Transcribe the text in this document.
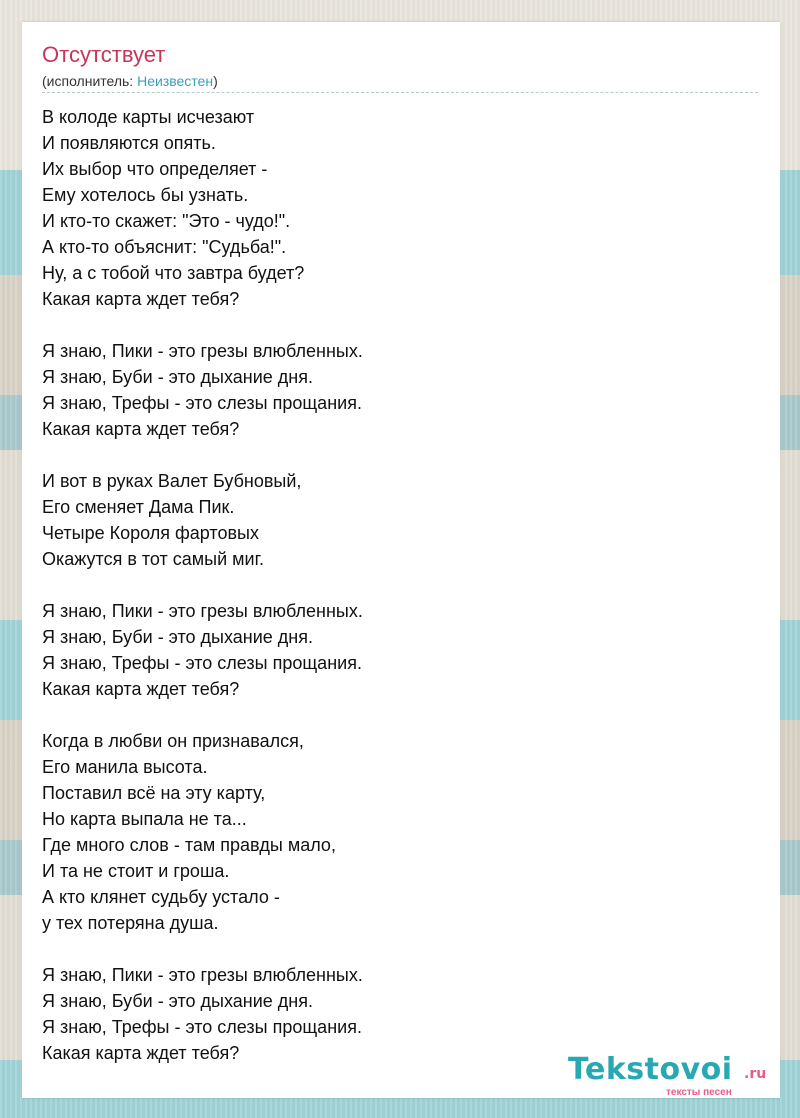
Отсутствует
(исполнитель: Неизвестен)
В колоде карты исчезают
И появляются опять.
Их выбор что определяет -
Ему хотелось бы узнать.
И кто-то скажет: "Это - чудо!".
А кто-то объяснит: "Судьба!".
Ну, а с тобой что завтра будет?
Какая карта ждет тебя?
Я знаю, Пики - это грезы влюбленных.
Я знаю, Буби - это дыхание дня.
Я знаю, Трефы - это слезы прощания.
Какая карта ждет тебя?
И вот в руках Валет Бубновый,
Его сменяет Дама Пик.
Четыре Короля фартовых
Окажутся в тот самый миг.
Я знаю, Пики - это грезы влюбленных.
Я знаю, Буби - это дыхание дня.
Я знаю, Трефы - это слезы прощания.
Какая карта ждет тебя?
Когда в любви он признавался,
Его манила высота.
Поставил всё на эту карту,
Но карта выпала не та...
Где много слов - там правды мало,
И та не стоит и гроша.
А кто клянет судьбу устало -
у тех потеряна душа.
Я знаю, Пики - это грезы влюбленных.
Я знаю, Буби - это дыхание дня.
Я знаю, Трефы - это слезы прощания.
Какая карта ждет тебя?	Tekstovoi .ru
тексты песен
